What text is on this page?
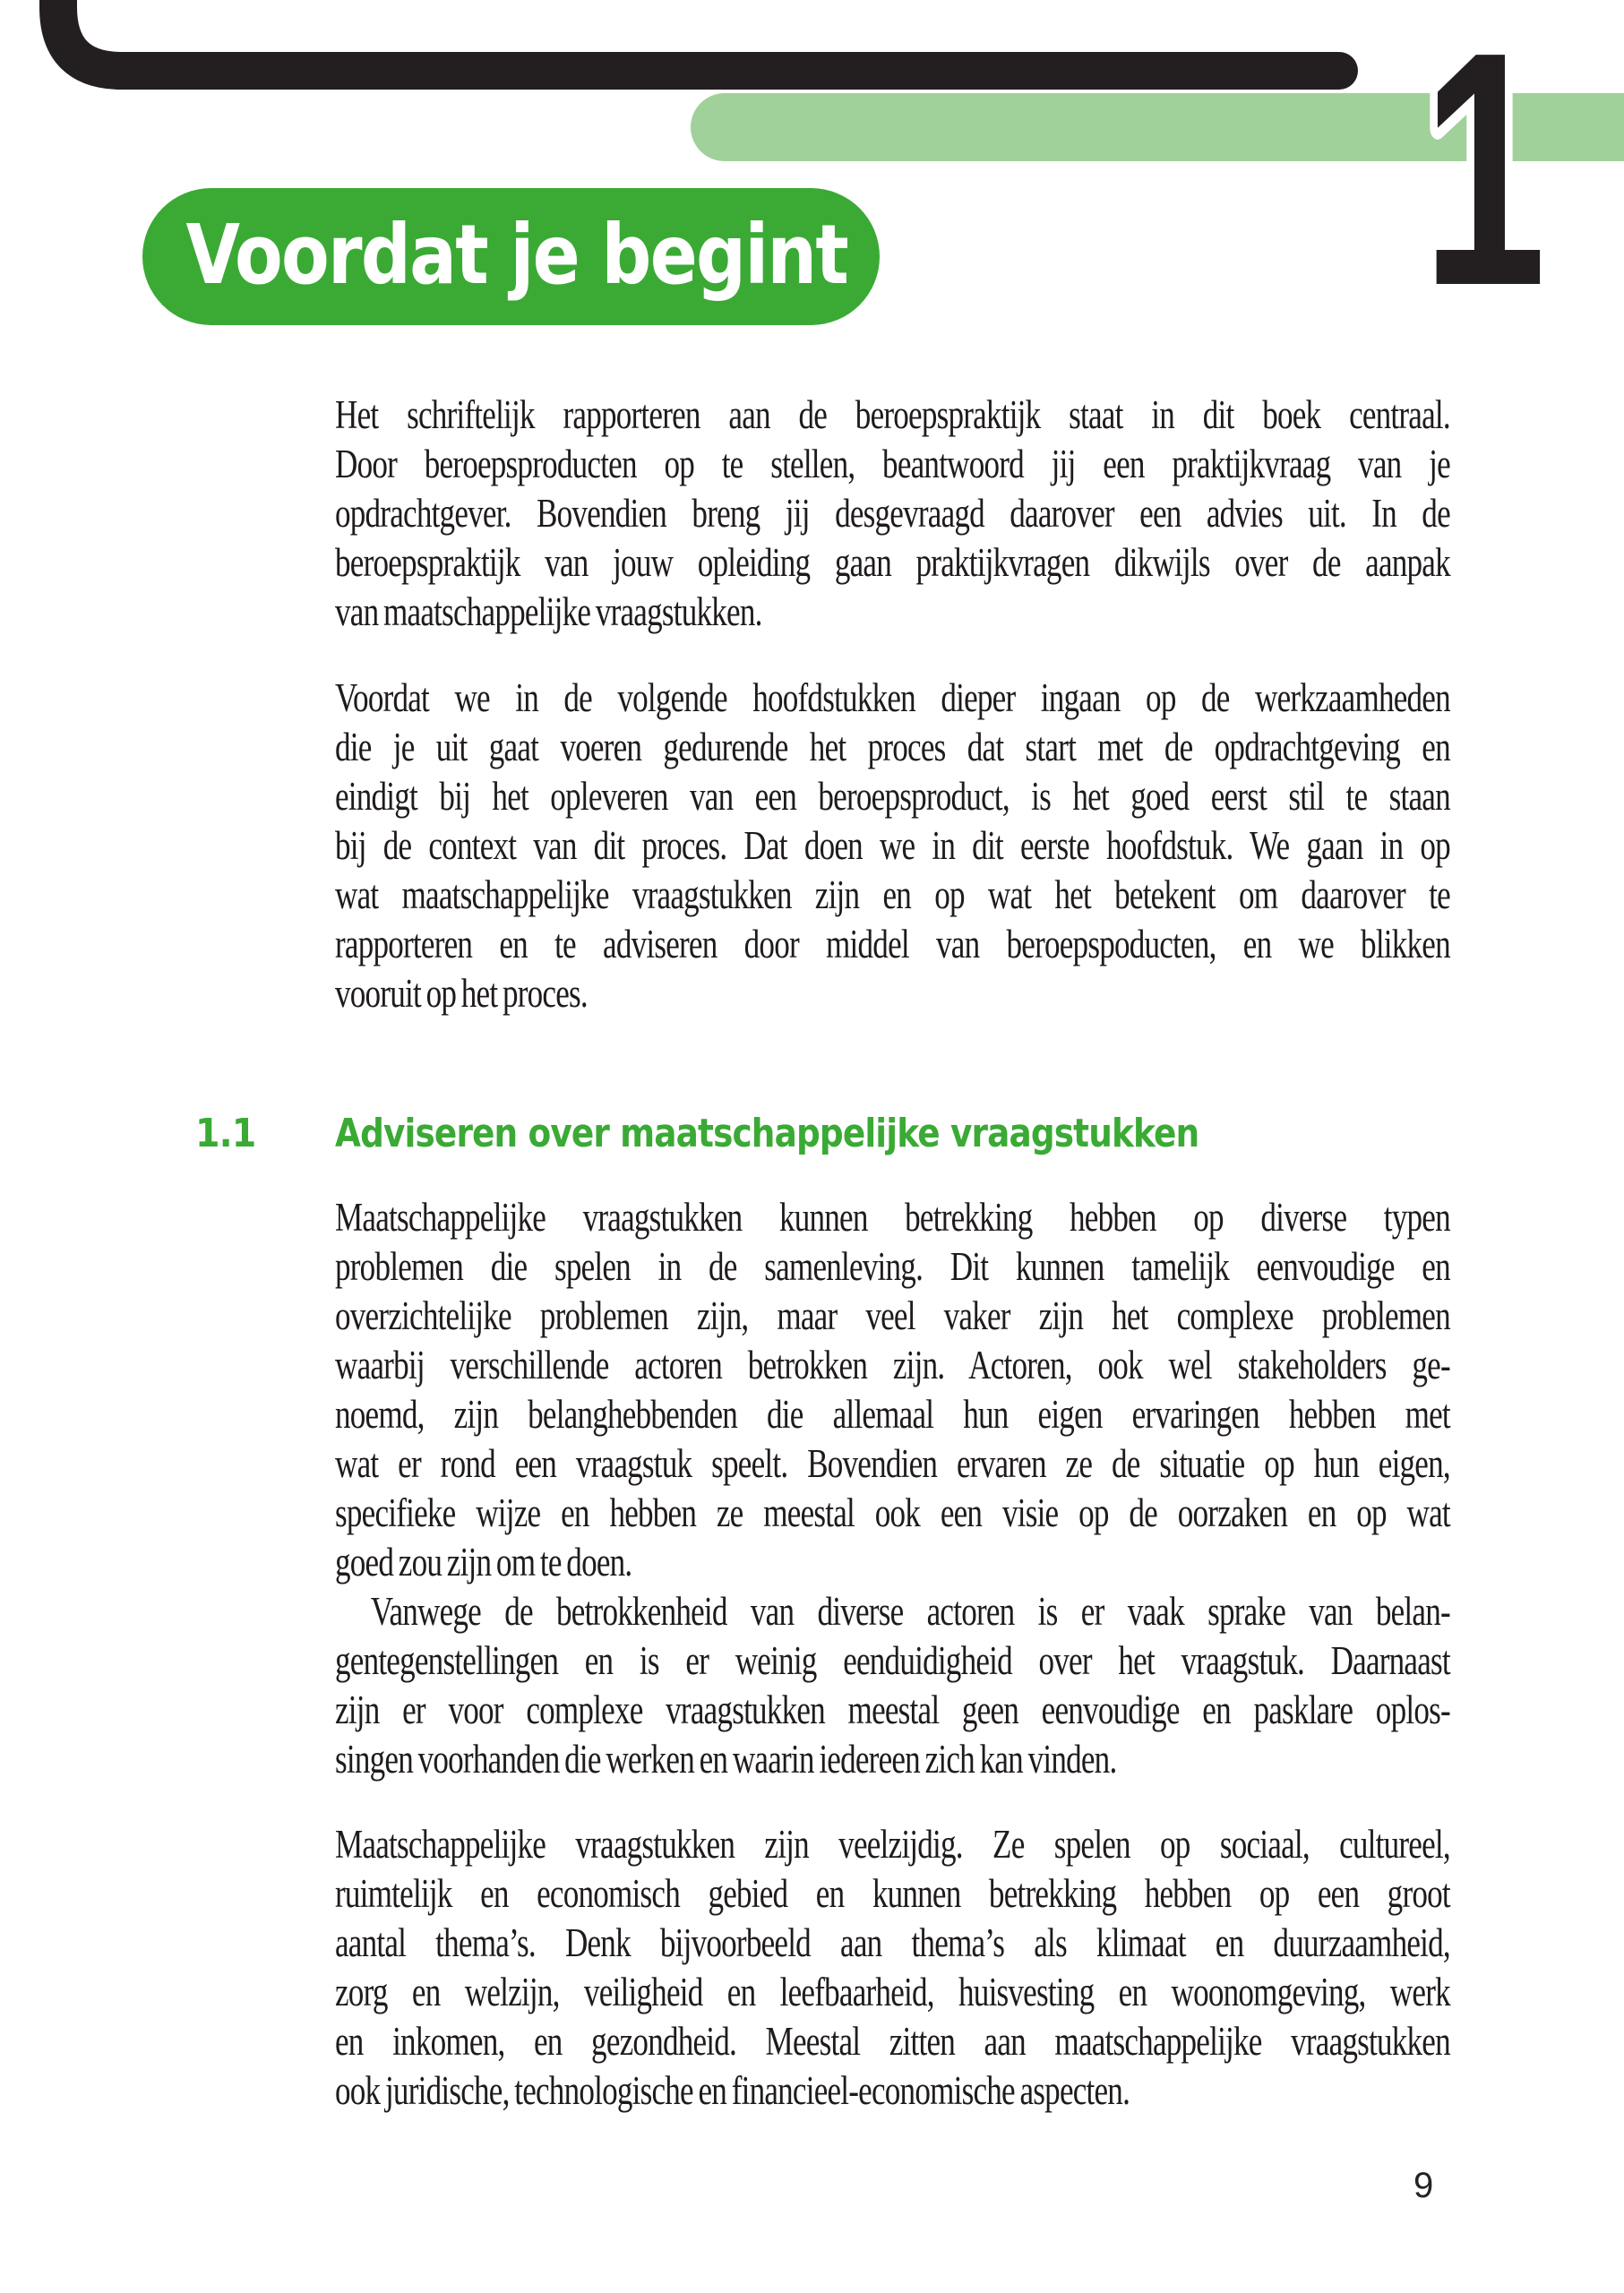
1
Voordat je begint
Het schriftelijk rapporteren aan de beroepspraktijk staat in dit boek centraal.
Door beroepsproducten op te stellen, beantwoord jij een praktijkvraag van je
opdrachtgever. Bovendien breng jij desgevraagd daarover een advies uit. In de
beroepspraktijk van jouw opleiding gaan praktijkvragen dikwijls over de aanpak
van maatschappelijke vraagstukken.
Voordat we in de volgende hoofdstukken dieper ingaan op de werkzaamheden
die je uit gaat voeren gedurende het proces dat start met de opdrachtgeving en
eindigt bij het opleveren van een beroepsproduct, is het goed eerst stil te staan
bij de context van dit proces. Dat doen we in dit eerste hoofdstuk. We gaan in op
wat maatschappelijke vraagstukken zijn en op wat het betekent om daarover te
rapporteren en te adviseren door middel van beroepspoducten, en we blikken
vooruit op het proces.
1.1 Adviseren over maatschappelijke vraagstukken
Maatschappelijke vraagstukken kunnen betrekking hebben op diverse typen
problemen die spelen in de samenleving. Dit kunnen tamelijk eenvoudige en
overzichtelijke problemen zijn, maar veel vaker zijn het complexe problemen
waarbij verschillende actoren betrokken zijn. Actoren, ook wel stakeholders ge-
noemd, zijn belanghebbenden die allemaal hun eigen ervaringen hebben met
wat er rond een vraagstuk speelt. Bovendien ervaren ze de situatie op hun eigen,
specifieke wijze en hebben ze meestal ook een visie op de oorzaken en op wat
goed zou zijn om te doen.
Vanwege de betrokkenheid van diverse actoren is er vaak sprake van belan-
gentegenstellingen en is er weinig eenduidigheid over het vraagstuk. Daarnaast
zijn er voor complexe vraagstukken meestal geen eenvoudige en pasklare oplos-
singen voorhanden die werken en waarin iedereen zich kan vinden.
Maatschappelijke vraagstukken zijn veelzijdig. Ze spelen op sociaal, cultureel,
ruimtelijk en economisch gebied en kunnen betrekking hebben op een groot
aantal thema’s. Denk bijvoorbeeld aan thema’s als klimaat en duurzaamheid,
zorg en welzijn, veiligheid en leefbaarheid, huisvesting en woonomgeving, werk
en inkomen, en gezondheid. Meestal zitten aan maatschappelijke vraagstukken
ook juridische, technologische en financieel-economische aspecten.
9
